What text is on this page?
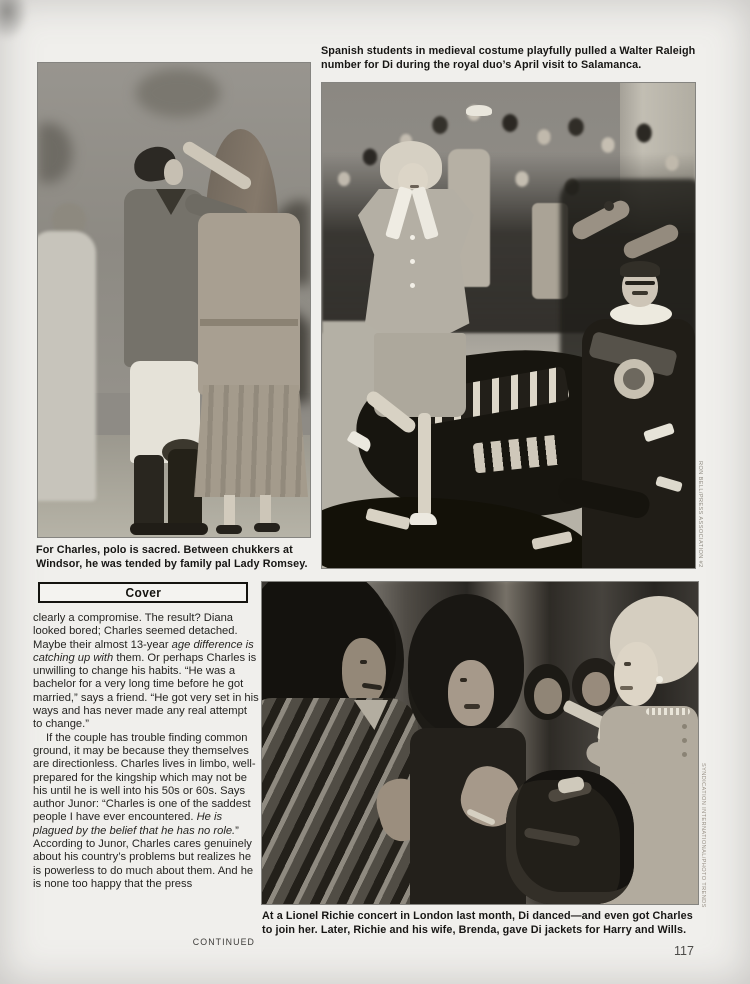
Spanish students in medieval costume playfully pulled a Walter Raleigh number for Di during the royal duo’s April visit to Salamanca.
For Charles, polo is sacred. Between chukkers at Windsor, he was tended by family pal Lady Romsey.
Cover

clearly a compromise. The result? Diana looked bored; Charles seemed detached. Maybe their almost 13-year age difference is catching up with them. Or perhaps Charles is unwilling to change his habits. “He was a bachelor for a very long time before he got married,” says a friend. “He got very set in his ways and has never made any real attempt to change.”

If the couple has trouble finding common ground, it may be because they themselves are directionless. Charles lives in limbo, well-prepared for the kingship which may not be his until he is well into his 50s or 60s. Says author Junor: “Charles is one of the saddest people I have ever encountered. He is plagued by the belief that he has no role.” According to Junor, Charles cares genuinely about his country’s problems but realizes he is powerless to do much about them. And he is none too happy that the press

CONTINUED
At a Lionel Richie concert in London last month, Di danced—and even got Charles to join her. Later, Richie and his wife, Brenda, gave Di jackets for Harry and Wills.
RON BELL/PRESS ASSOCIATION #2
SYNDICATION INTERNATIONAL/PHOTO TRENDS
117
